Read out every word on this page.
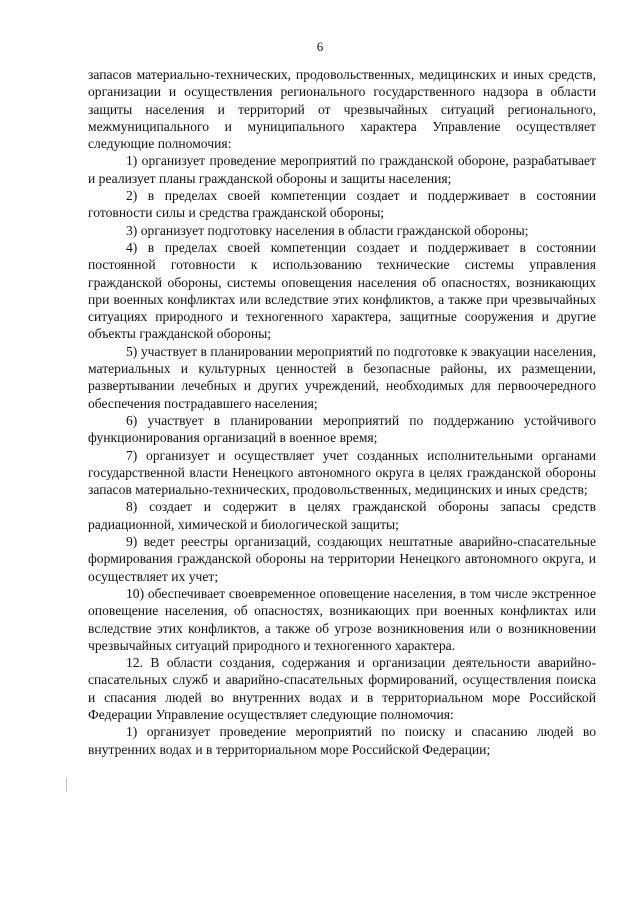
6

запасов материально-технических, продовольственных, медицинских и иных средств, организации и осуществления регионального государственного надзора в области защиты населения и территорий от чрезвычайных ситуаций регионального, межмуниципального и муниципального характера Управление осуществляет следующие полномочия:

1) организует проведение мероприятий по гражданской обороне, разрабатывает и реализует планы гражданской обороны и защиты населения;

2) в пределах своей компетенции создает и поддерживает в состоянии готовности силы и средства гражданской обороны;

3) организует подготовку населения в области гражданской обороны;

4) в пределах своей компетенции создает и поддерживает в состоянии постоянной готовности к использованию технические системы управления гражданской обороны, системы оповещения населения об опасностях, возникающих при военных конфликтах или вследствие этих конфликтов, а также при чрезвычайных ситуациях природного и техногенного характера, защитные сооружения и другие объекты гражданской обороны;

5) участвует в планировании мероприятий по подготовке к эвакуации населения, материальных и культурных ценностей в безопасные районы, их размещении, развертывании лечебных и других учреждений, необходимых для первоочередного обеспечения пострадавшего населения;

6) участвует в планировании мероприятий по поддержанию устойчивого функционирования организаций в военное время;

7) организует и осуществляет учет созданных исполнительными органами государственной власти Ненецкого автономного округа в целях гражданской обороны запасов материально-технических, продовольственных, медицинских и иных средств;

8) создает и содержит в целях гражданской обороны запасы средств радиационной, химической и биологической защиты;

9) ведет реестры организаций, создающих нештатные аварийно-спасательные формирования гражданской обороны на территории Ненецкого автономного округа, и осуществляет их учет;

10) обеспечивает своевременное оповещение населения, в том числе экстренное оповещение населения, об опасностях, возникающих при военных конфликтах или вследствие этих конфликтов, а также об угрозе возникновения или о возникновении чрезвычайных ситуаций природного и техногенного характера.

12. В области создания, содержания и организации деятельности аварийно-спасательных служб и аварийно-спасательных формирований, осуществления поиска и спасания людей во внутренних водах и в территориальном море Российской Федерации Управление осуществляет следующие полномочия:

1) организует проведение мероприятий по поиску и спасанию людей во внутренних водах и в территориальном море Российской Федерации;
